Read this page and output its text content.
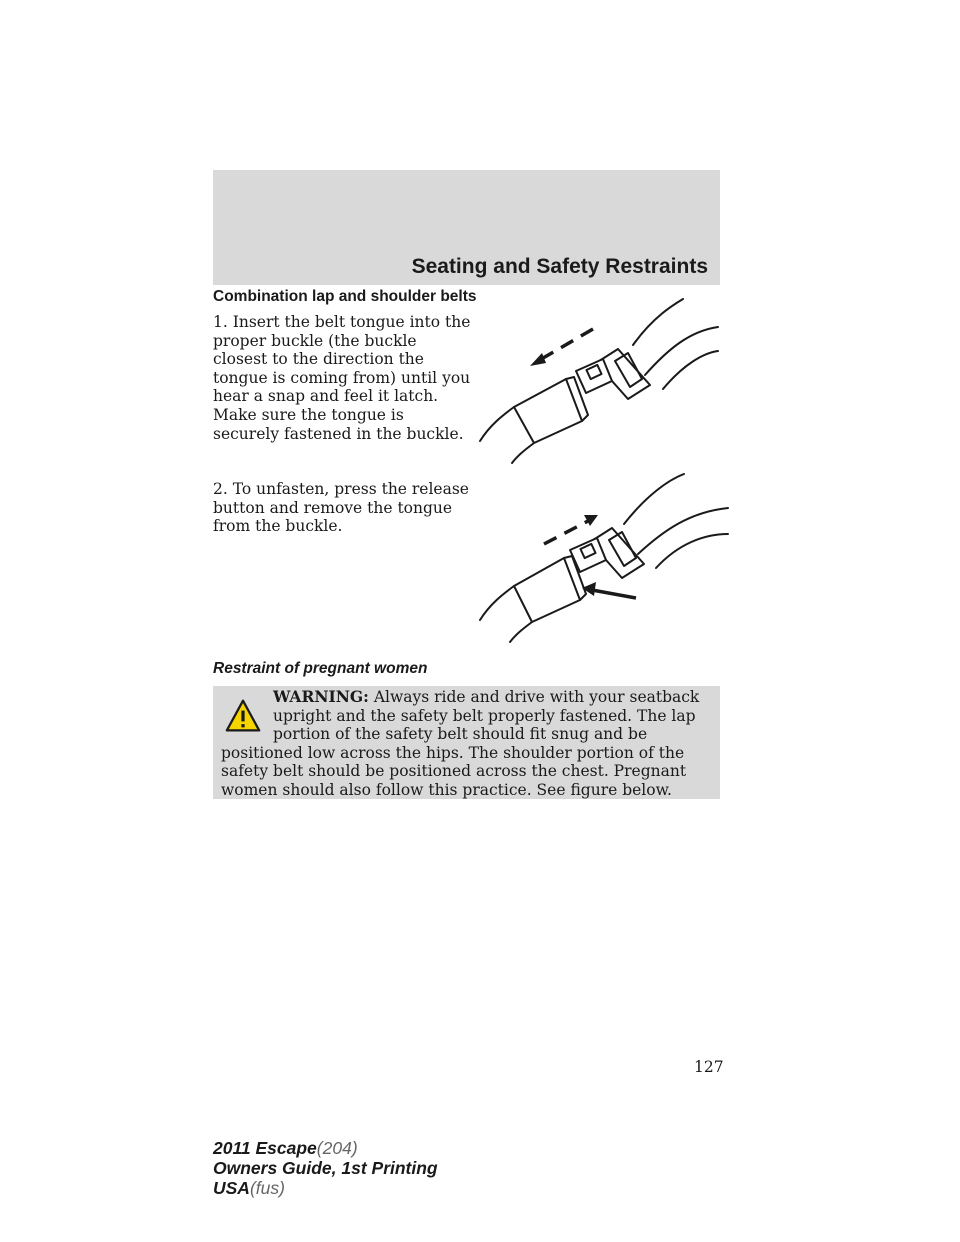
Seating and Safety Restraints
Combination lap and shoulder belts
1. Insert the belt tongue into the proper buckle (the buckle closest to the direction the tongue is coming from) until you hear a snap and feel it latch. Make sure the tongue is securely fastened in the buckle.
2. To unfasten, press the release button and remove the tongue from the buckle.
Restraint of pregnant women
WARNING: Always ride and drive with your seatback upright and the safety belt properly fastened. The lap portion of the safety belt should fit snug and be positioned low across the hips. The shoulder portion of the safety belt should be positioned across the chest. Pregnant women should also follow this practice. See figure below.
127
2011 Escape(204)
Owners Guide, 1st Printing
USA(fus)
